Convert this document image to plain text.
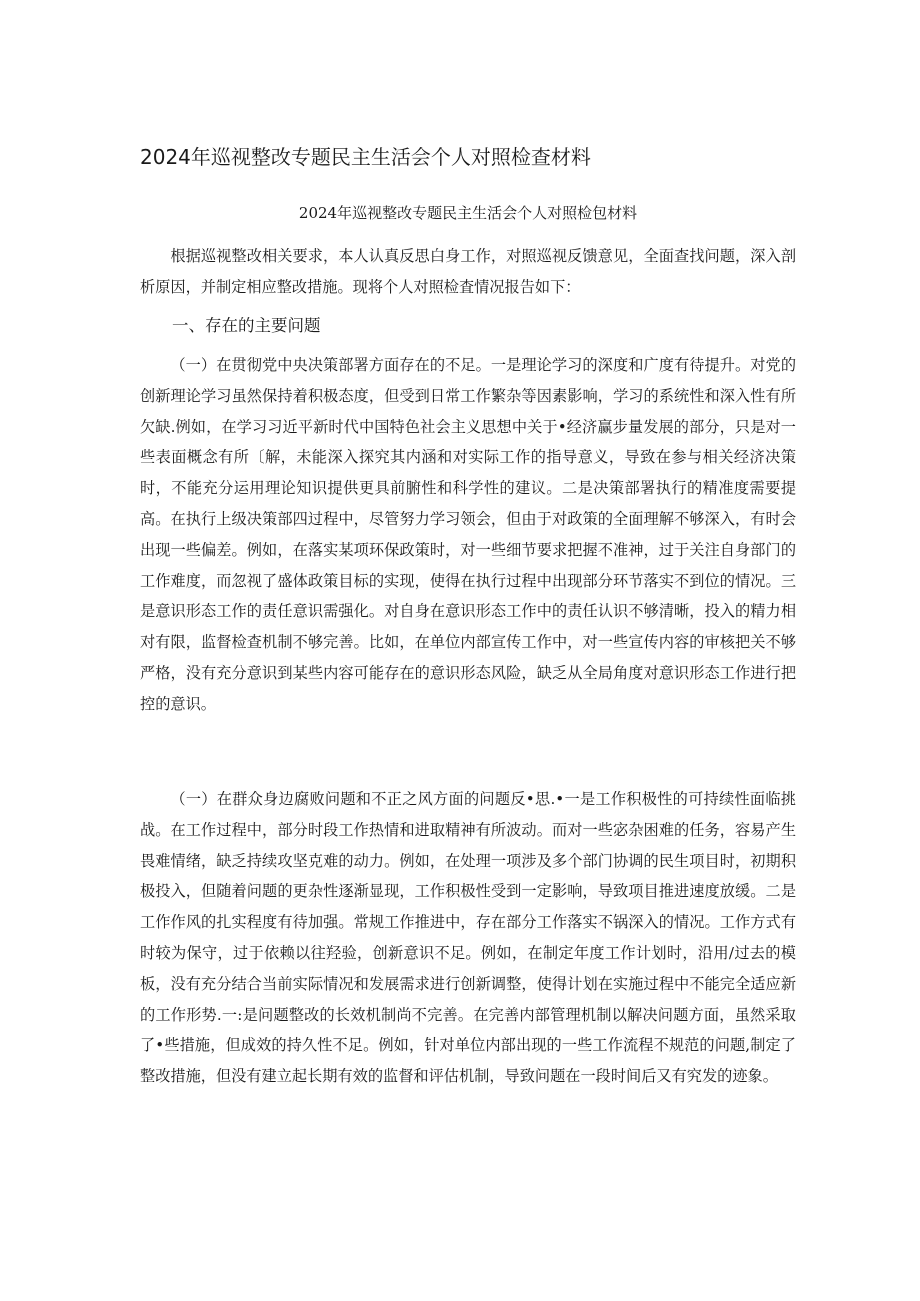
2024年巡视整改专题民主生活会个人对照检查材料
2024年巡视整改专题民主生活会个人对照检包材料

根据巡视整改相关要求，本人认真反思白身工作，对照巡视反馈意见，全面查找问题，深入剖析原因，并制定相应整改措施。现将个人对照检査情况报告如下：

一、存在的主要问题

（一）在贯彻党中央决策部署方面存在的不足。一是理论学习的深度和广度有待提升。对党的创新理论学习虽然保持着积极态度，但受到日常工作繁杂等因素影响，学习的系统性和深入性有所欠缺.例如，在学习习近平新时代中国特色社会主义思想中关于•经济赢步量发展的部分，只是对一些表面概念有所〔解，未能深入探究其内涵和对实际工作的指导意义，导致在参与相关经济决策时，不能充分运用理论知识提供更具前腑性和科学性的建议。二是决策部署执行的精准度需要提高。在执行上级决策部四过程中，尽管努力学习领会，但由于对政策的全面理解不够深入，有时会出现一些偏差。例如，在落实某项环保政策时，对一些细节要求把握不准神，过于关注自身部门的工作难度，而忽视了盛体政策目标的实现，使得在执行过程中出现部分环节落实不到位的情况。三是意识形态工作的责任意识需强化。对自身在意识形态工作中的责任认识不够清晰，投入的精力相对有限，监督检查机制不够完善。比如，在单位内部宣传工作中，对一些宣传内容的审核把关不够严格，没有充分意识到某些内容可能存在的意识形态风险，缺乏从全局角度对意识形态工作进行把控的意识。

（一）在群众身边腐败问题和不正之风方面的问题反•思.•一是工作积极性的可持续性面临挑战。在工作过程中，部分时段工作热情和进取精神有所波动。而对一些宓杂困难的任务，容易产生畏难情绪，缺乏持续攻坚克难的动力。例如，在处理一项涉及多个部门协调的民生项目时，初期积极投入，但随着问题的更杂性逐渐显现，工作积极性受到一定影响，导致项目推进速度放缓。二是工作作风的扎实程度有待加强。常规工作推进中，存在部分工作落实不锅深入的情况。工作方式有时较为保守，过于依赖以往羟验，创新意识不足。例如，在制定年度工作计划时，沿用/过去的模板，没有充分结合当前实际情况和发展需求进行创新调整，使得计划在实施过程中不能完全适应新的工作形势.一:是问题整改的长效机制尚不完善。在完善内部管理机制以解决问题方面，虽然采取了•些措施，但成效的持久性不足。例如，针对单位内部出现的一些工作流程不规范的问题,制定了整改措施，但没有建立起长期有效的监督和评估机制，导致问题在一段时间后又有究发的迹象。
